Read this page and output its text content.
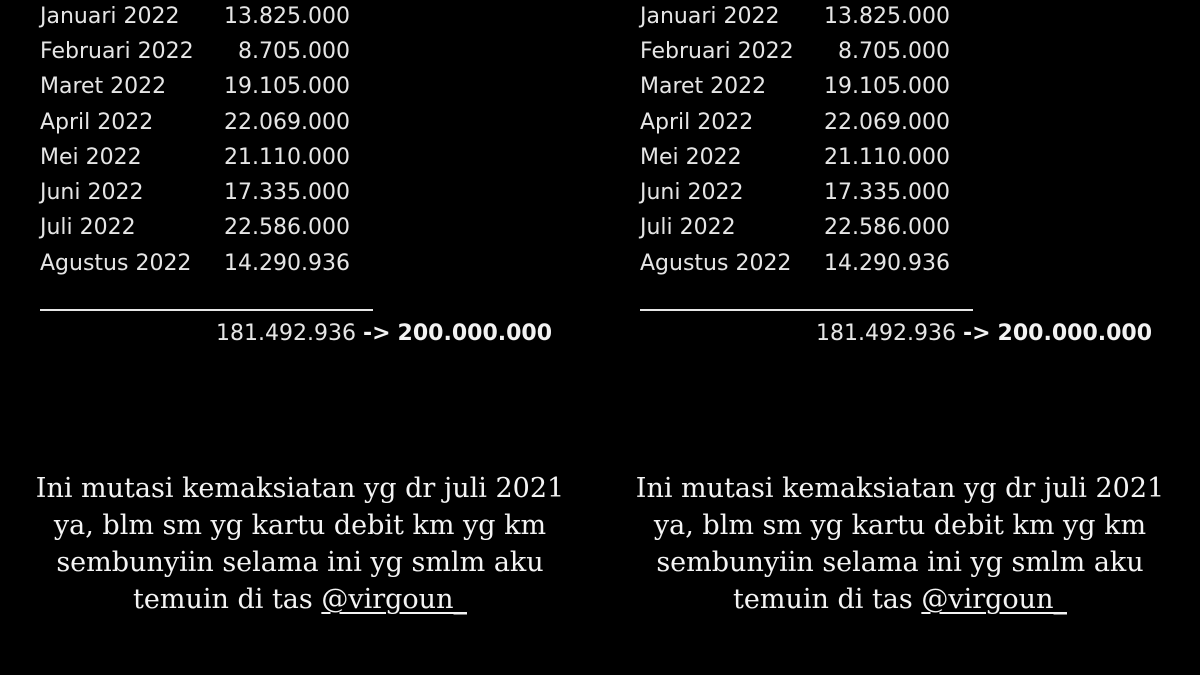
Januari 2022 13.825.000
Februari 2022 8.705.000
Maret 2022	19.105.000
April 2022	22.069.000
Mei 2022	21.110.000
Juni 2022	17.335.000
Juli 2022	22.586.000
Agustus 2022 14.290.936
181.492.936 -> 200.000.000
Ini mutasi kemaksiatan yg dr juli 2021 ya, blm sm yg kartu debit km yg km sembunyiin selama ini yg smlm aku temuin di tas @virgoun_
Januari 2022 13.825.000
Februari 2022 8.705.000
Maret 2022	19.105.000
April 2022	22.069.000
Mei 2022	21.110.000
Juni 2022	17.335.000
Juli 2022	22.586.000
Agustus 2022 14.290.936
181.492.936 -> 200.000.000
Ini mutasi kemaksiatan yg dr juli 2021 ya, blm sm yg kartu debit km yg km sembunyiin selama ini yg smlm aku temuin di tas @virgoun_
